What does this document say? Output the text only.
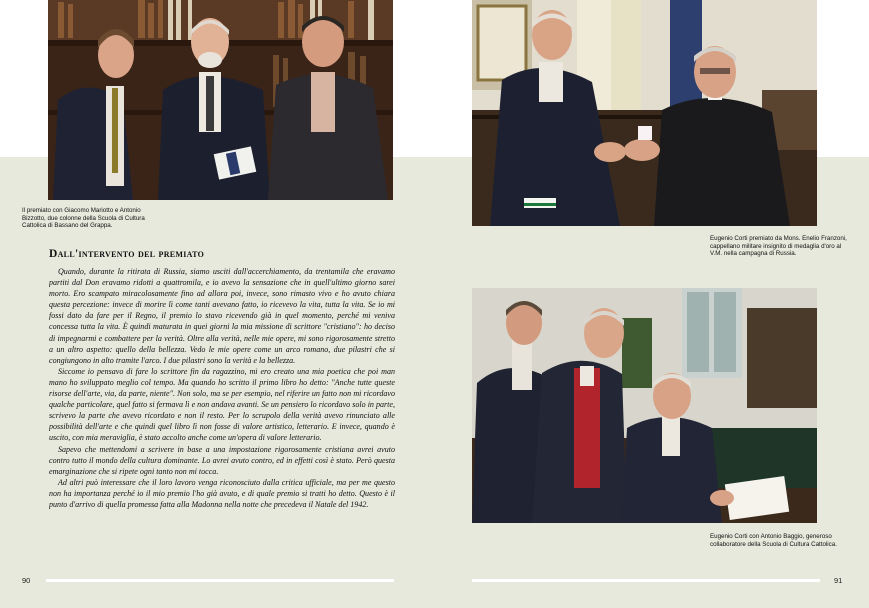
Il premiato con Giacomo Mariotto e Antonio Bizzotto, due colonne della Scuola di Cultura Cattolica di Bassano del Grappa.

Eugenio Corti premiato da Mons. Enelio Franzoni, cappellano militare insignito di medaglia d'oro al V.M. nella campagna di Russia.

Eugenio Corti con Antonio Baggio, generoso collaboratore della Scuola di Cultura Cattolica.

Dall'intervento del premiato

Quando, durante la ritirata di Russia, siamo usciti dall'accerchiamento, da trentamila che eravamo partiti dal Don eravamo ridotti a quattromila, e io avevo la sensazione che in quell'ultimo giorno sarei morto. Ero scampato miracolosamente fino ad allora poi, invece, sono rimasto vivo e ho avuto chiara questa percezione: invece di morire lì come tanti avevano fatto, io ricevevo la vita, tutta la vita. Se io mi fossi dato da fare per il Regno, il premio lo stavo ricevendo già in quel momento, perché mi veniva concessa tutta la vita. È quindi maturata in quei giorni la mia missione di scrittore "cristiano": ho deciso di impegnarmi e combattere per la verità. Oltre alla verità, nelle mie opere, mi sono rigorosamente stretto a un altro aspetto: quello della bellezza. Vedo le mie opere come un arco romano, due pilastri che si congiungono in alto tramite l'arco. I due pilastri sono la verità e la bellezza.

Siccome io pensavo di fare lo scrittore fin da ragazzino, mi ero creato una mia poetica che poi man mano ho sviluppato meglio col tempo. Ma quando ho scritto il primo libro ho detto: "Anche tutte queste risorse dell'arte, via, da parte, niente". Non solo, ma se per esempio, nel riferire un fatto non mi ricordavo qualche particolare, quel fatto si fermava lì e non andava avanti. Se un pensiero lo ricordavo solo in parte, scrivevo la parte che avevo ricordato e non il resto. Per lo scrupolo della verità avevo rinunciato alle possibilità dell'arte e che quindi quel libro lì non fosse di valore artistico, letterario. E invece, quando è uscito, con mia meraviglia, è stato accolto anche come un'opera di valore letterario.

Sapevo che mettendomi a scrivere in base a una impostazione rigorosamente cristiana avrei avuto contro tutto il mondo della cultura dominante. Lo avrei avuto contro, ed in effetti così è stato. Però questa emarginazione che si ripete ogni tanto non mi tocca.

Ad altri può interessare che il loro lavoro venga riconosciuto dalla critica ufficiale, ma per me questo non ha importanza perché io il mio premio l'ho già avuto, e di quale premio si tratti ho detto. Questo è il punto d'arrivo di quella promessa fatta alla Madonna nella notte che precedeva il Natale del 1942.

90	91
